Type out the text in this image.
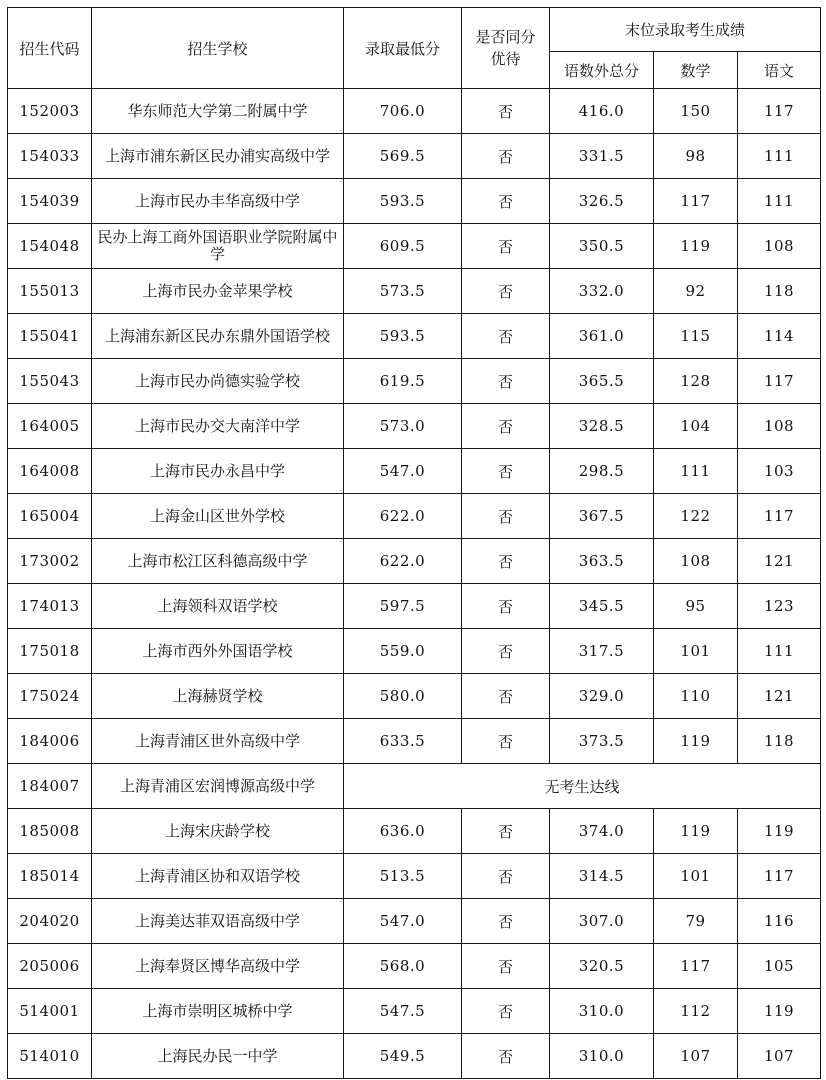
招生代码	招生学校	录取最低分	是否同分优待	末位录取考生成绩		
				语数外总分	数学	语文
152003	华东师范大学第二附属中学	706.0	否	416.0	150	117
154033	上海市浦东新区民办浦实高级中学	569.5	否	331.5	98	111
154039	上海市民办丰华高级中学	593.5	否	326.5	117	111
154048	民办上海工商外国语职业学院附属中学	609.5	否	350.5	119	108
155013	上海市民办金苹果学校	573.5	否	332.0	92	118
155041	上海浦东新区民办东鼎外国语学校	593.5	否	361.0	115	114
155043	上海市民办尚德实验学校	619.5	否	365.5	128	117
164005	上海市民办交大南洋中学	573.0	否	328.5	104	108
164008	上海市民办永昌中学	547.0	否	298.5	111	103
165004	上海金山区世外学校	622.0	否	367.5	122	117
173002	上海市松江区科德高级中学	622.0	否	363.5	108	121
174013	上海领科双语学校	597.5	否	345.5	95	123
175018	上海市西外外国语学校	559.0	否	317.5	101	111
175024	上海赫贤学校	580.0	否	329.0	110	121
184006	上海青浦区世外高级中学	633.5	否	373.5	119	118
184007	上海青浦区宏润博源高级中学	无考生达线				
185008	上海宋庆龄学校	636.0	否	374.0	119	119
185014	上海青浦区协和双语学校	513.5	否	314.5	101	117
204020	上海美达菲双语高级中学	547.0	否	307.0	79	116
205006	上海奉贤区博华高级中学	568.0	否	320.5	117	105
514001	上海市崇明区城桥中学	547.5	否	310.0	112	119
514010	上海民办民一中学	549.5	否	310.0	107	107
